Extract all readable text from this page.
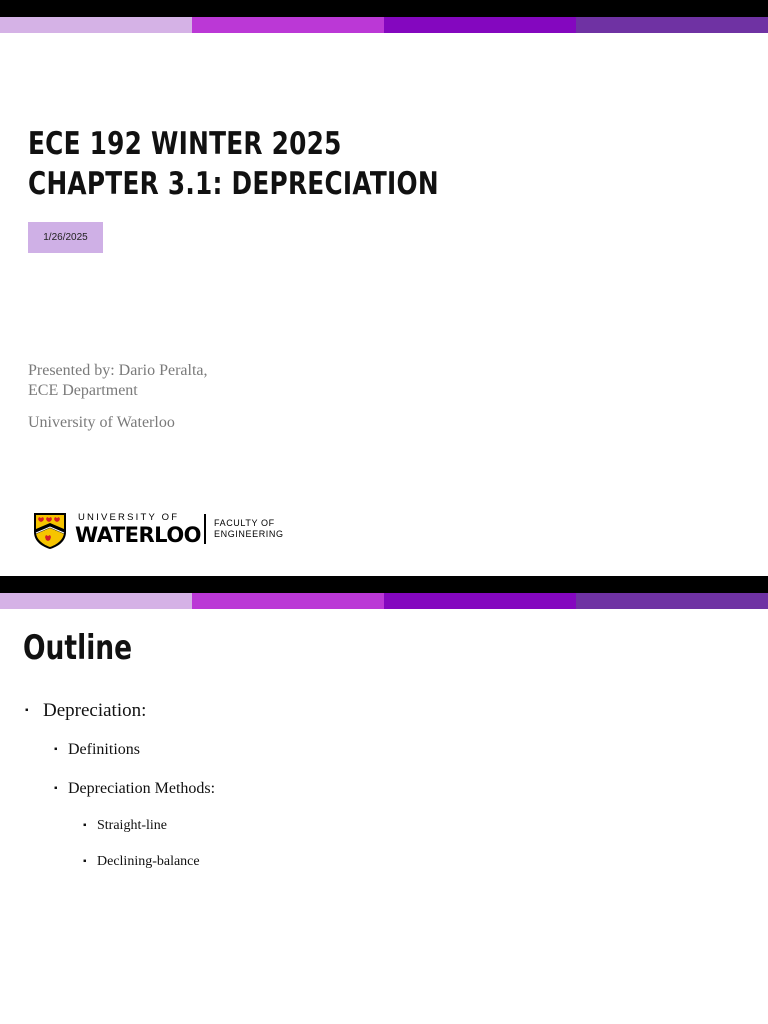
ECE 192 WINTER 2025
CHAPTER 3.1: DEPRECIATION
1/26/2025
Presented by: Dario Peralta,
ECE Department
University of Waterloo
UNIVERSITY OF
WATERLOO FACULTY OF
ENGINEERING
Outline
▪ Depreciation:
▪ Definitions
▪ Depreciation Methods:
▪ Straight-line
▪ Declining-balance
